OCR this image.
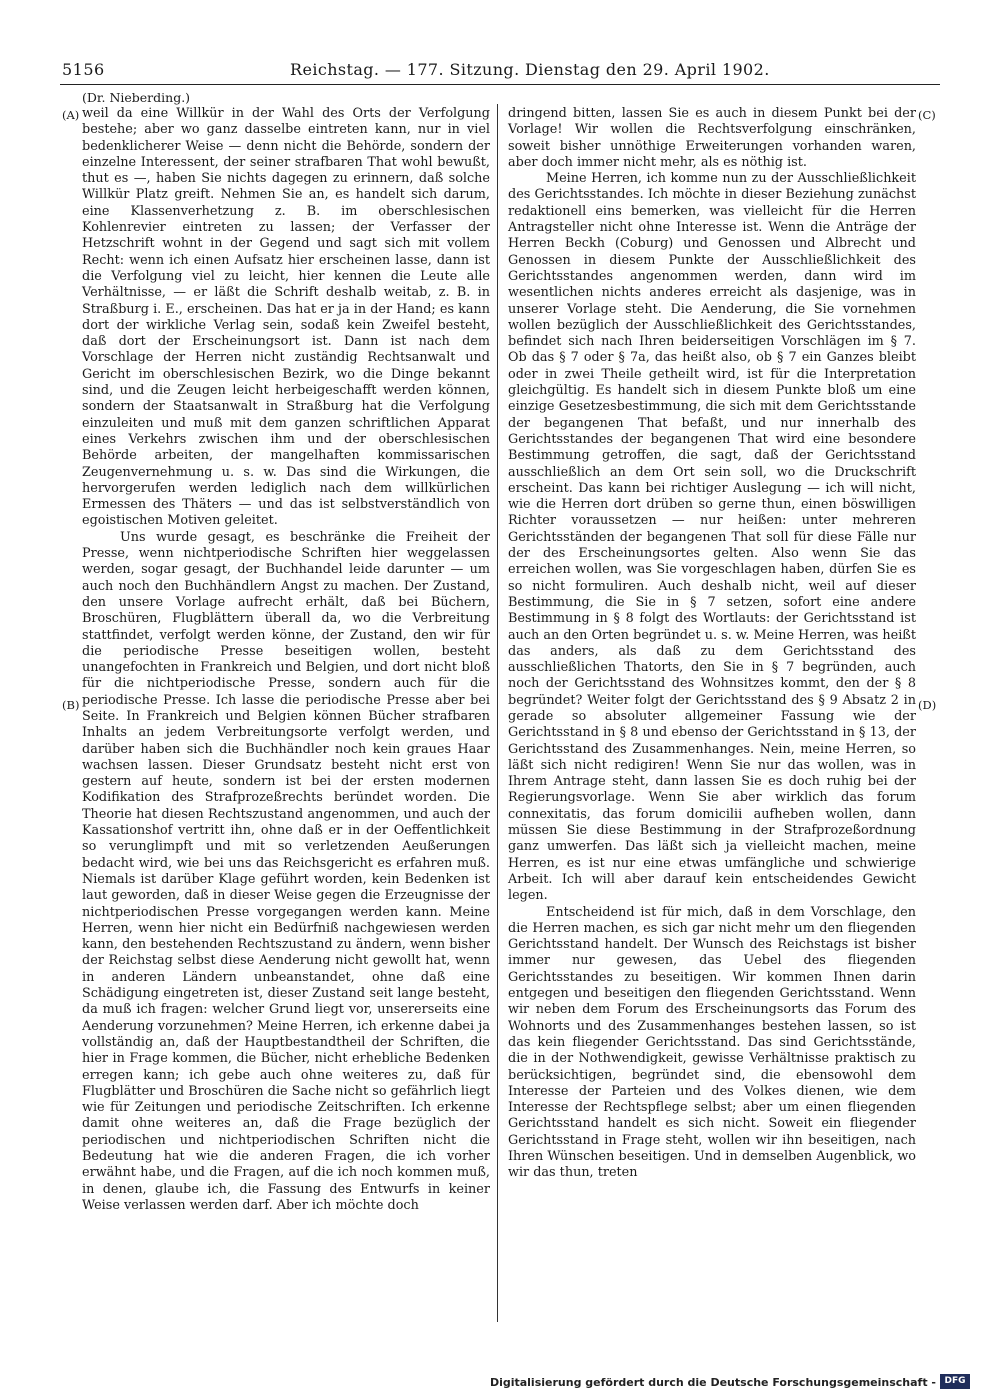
5156	Reichstag. — 177. Sitzung. Dienstag den 29. April 1902.
(Dr. Nieberding.)
(A)
(B)
(C)
(D)

weil da eine Willkür in der Wahl des Orts der Verfolgung bestehe; aber wo ganz dasselbe eintreten kann, nur in viel bedenklicherer Weise — denn nicht die Behörde, sondern der einzelne Interessent, der seiner strafbaren That wohl bewußt, thut es —, haben Sie nichts dagegen zu erinnern, daß solche Willkür Platz greift. Nehmen Sie an, es handelt sich darum, eine Klassenverhetzung z. B. im oberschlesischen Kohlenrevier eintreten zu lassen; der Verfasser der Hetzschrift wohnt in der Gegend und sagt sich mit vollem Recht: wenn ich einen Aufsatz hier erscheinen lasse, dann ist die Verfolgung viel zu leicht, hier kennen die Leute alle Verhältnisse, — er läßt die Schrift deshalb weitab, z. B. in Straßburg i. E., erscheinen. Das hat er ja in der Hand; es kann dort der wirkliche Verlag sein, sodaß kein Zweifel besteht, daß dort der Erscheinungsort ist. Dann ist nach dem Vorschlage der Herren nicht zuständig Rechtsanwalt und Gericht im oberschlesischen Bezirk, wo die Dinge bekannt sind, und die Zeugen leicht herbeigeschafft werden können, sondern der Staatsanwalt in Straßburg hat die Verfolgung einzuleiten und muß mit dem ganzen schriftlichen Apparat eines Verkehrs zwischen ihm und der oberschlesischen Behörde arbeiten, der mangelhaften kommissarischen Zeugenvernehmung u. s. w. Das sind die Wirkungen, die hervorgerufen werden lediglich nach dem willkürlichen Ermessen des Thäters — und das ist selbstverständlich von egoistischen Motiven geleitet.

Uns wurde gesagt, es beschränke die Freiheit der Presse, wenn nichtperiodische Schriften hier weggelassen werden, sogar gesagt, der Buchhandel leide darunter — um auch noch den Buchhändlern Angst zu machen. Der Zustand, den unsere Vorlage aufrecht erhält, daß bei Büchern, Broschüren, Flugblättern überall da, wo die Verbreitung stattfindet, verfolgt werden könne, der Zustand, den wir für die periodische Presse beseitigen wollen, besteht unangefochten in Frankreich und Belgien, und dort nicht bloß für die nichtperiodische Presse, sondern auch für die periodische Presse. Ich lasse die periodische Presse aber bei Seite. In Frankreich und Belgien können Bücher strafbaren Inhalts an jedem Verbreitungsorte verfolgt werden, und darüber haben sich die Buchhändler noch kein graues Haar wachsen lassen. Dieser Grundsatz besteht nicht erst von gestern auf heute, sondern ist bei der ersten modernen Kodifikation des Strafprozeßrechts beründet worden. Die Theorie hat diesen Rechtszustand angenommen, und auch der Kassationshof vertritt ihn, ohne daß er in der Oeffentlichkeit so verunglimpft und mit so verletzenden Aeußerungen bedacht wird, wie bei uns das Reichsgericht es erfahren muß. Niemals ist darüber Klage geführt worden, kein Bedenken ist laut geworden, daß in dieser Weise gegen die Erzeugnisse der nichtperiodischen Presse vorgegangen werden kann. Meine Herren, wenn hier nicht ein Bedürfniß nachgewiesen werden kann, den bestehenden Rechtszustand zu ändern, wenn bisher der Reichstag selbst diese Aenderung nicht gewollt hat, wenn in anderen Ländern unbeanstandet, ohne daß eine Schädigung eingetreten ist, dieser Zustand seit lange besteht, da muß ich fragen: welcher Grund liegt vor, unsererseits eine Aenderung vorzunehmen? Meine Herren, ich erkenne dabei ja vollständig an, daß der Hauptbestandtheil der Schriften, die hier in Frage kommen, die Bücher, nicht erhebliche Bedenken erregen kann; ich gebe auch ohne weiteres zu, daß für Flugblätter und Broschüren die Sache nicht so gefährlich liegt wie für Zeitungen und periodische Zeitschriften. Ich erkenne damit ohne weiteres an, daß die Frage bezüglich der periodischen und nichtperiodischen Schriften nicht die Bedeutung hat wie die anderen Fragen, die ich vorher erwähnt habe, und die Fragen, auf die ich noch kommen muß, in denen, glaube ich, die Fassung des Entwurfs in keiner Weise verlassen werden darf. Aber ich möchte doch

dringend bitten, lassen Sie es auch in diesem Punkt bei der Vorlage! Wir wollen die Rechtsverfolgung einschränken, soweit bisher unnöthige Erweiterungen vorhanden waren, aber doch immer nicht mehr, als es nöthig ist.

Meine Herren, ich komme nun zu der Ausschließlichkeit des Gerichtsstandes. Ich möchte in dieser Beziehung zunächst redaktionell eins bemerken, was vielleicht für die Herren Antragsteller nicht ohne Interesse ist. Wenn die Anträge der Herren Beckh (Coburg) und Genossen und Albrecht und Genossen in diesem Punkte der Ausschließlichkeit des Gerichtsstandes angenommen werden, dann wird im wesentlichen nichts anderes erreicht als dasjenige, was in unserer Vorlage steht. Die Aenderung, die Sie vornehmen wollen bezüglich der Ausschließlichkeit des Gerichtsstandes, befindet sich nach Ihren beiderseitigen Vorschlägen im § 7. Ob das § 7 oder § 7a, das heißt also, ob § 7 ein Ganzes bleibt oder in zwei Theile getheilt wird, ist für die Interpretation gleichgültig. Es handelt sich in diesem Punkte bloß um eine einzige Gesetzesbestimmung, die sich mit dem Gerichtsstande der begangenen That befaßt, und nur innerhalb des Gerichtsstandes der begangenen That wird eine besondere Bestimmung getroffen, die sagt, daß der Gerichtsstand ausschließlich an dem Ort sein soll, wo die Druckschrift erscheint. Das kann bei richtiger Auslegung — ich will nicht, wie die Herren dort drüben so gerne thun, einen böswilligen Richter voraussetzen — nur heißen: unter mehreren Gerichtsständen der begangenen That soll für diese Fälle nur der des Erscheinungsortes gelten. Also wenn Sie das erreichen wollen, was Sie vorgeschlagen haben, dürfen Sie es so nicht formuliren. Auch deshalb nicht, weil auf dieser Bestimmung, die Sie in § 7 setzen, sofort eine andere Bestimmung in § 8 folgt des Wortlauts: der Gerichtsstand ist auch an den Orten begründet u. s. w. Meine Herren, was heißt das anders, als daß zu dem Gerichtsstand des ausschließlichen Thatorts, den Sie in § 7 begründen, auch noch der Gerichtsstand des Wohnsitzes kommt, den der § 8 begründet? Weiter folgt der Gerichtsstand des § 9 Absatz 2 in gerade so absoluter allgemeiner Fassung wie der Gerichtsstand in § 8 und ebenso der Gerichtsstand in § 13, der Gerichtsstand des Zusammenhanges. Nein, meine Herren, so läßt sich nicht redigiren! Wenn Sie nur das wollen, was in Ihrem Antrage steht, dann lassen Sie es doch ruhig bei der Regierungsvorlage. Wenn Sie aber wirklich das forum connexitatis, das forum domicilii aufheben wollen, dann müssen Sie diese Bestimmung in der Strafprozeßordnung ganz umwerfen. Das läßt sich ja vielleicht machen, meine Herren, es ist nur eine etwas umfängliche und schwierige Arbeit. Ich will aber darauf kein entscheidendes Gewicht legen.

Entscheidend ist für mich, daß in dem Vorschlage, den die Herren machen, es sich gar nicht mehr um den fliegenden Gerichtsstand handelt. Der Wunsch des Reichstags ist bisher immer nur gewesen, das Uebel des fliegenden Gerichtsstandes zu beseitigen. Wir kommen Ihnen darin entgegen und beseitigen den fliegenden Gerichtsstand. Wenn wir neben dem Forum des Erscheinungsorts das Forum des Wohnorts und des Zusammenhanges bestehen lassen, so ist das kein fliegender Gerichtsstand. Das sind Gerichtsstände, die in der Nothwendigkeit, gewisse Verhältnisse praktisch zu berücksichtigen, begründet sind, die ebensowohl dem Interesse der Parteien und des Volkes dienen, wie dem Interesse der Rechtspflege selbst; aber um einen fliegenden Gerichtsstand handelt es sich nicht. Soweit ein fliegender Gerichtsstand in Frage steht, wollen wir ihn beseitigen, nach Ihren Wünschen beseitigen. Und in demselben Augenblick, wo wir das thun, treten

Digitalisierung gefördert durch die Deutsche Forschungsgemeinschaft - DFG
